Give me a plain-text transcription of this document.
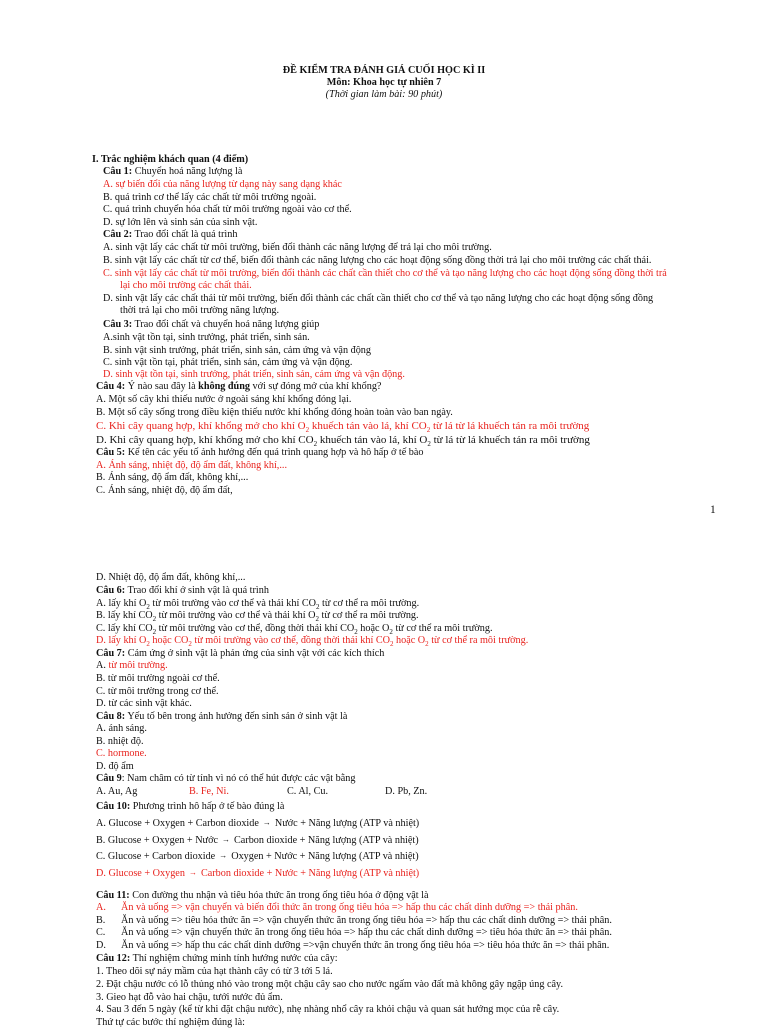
ĐỀ KIỂM TRA ĐÁNH GIÁ CUỐI HỌC KÌ II
Môn: Khoa học tự nhiên 7
(Thời gian làm bài: 90 phút)
I. Trắc nghiệm khách quan (4 điểm)
Câu 1: Chuyển hoá năng lượng là
A. sự biến đổi của năng lượng từ dạng này sang dạng khác
B. quá trình cơ thể lấy các chất từ môi trường ngoài.
C. quá trình chuyển hóa chất từ môi trường ngoài vào cơ thể.
D. sự lớn lên và sinh sản của sinh vật.
Câu 2: Trao đổi chất là quá trình
A. sinh vật lấy các chất từ môi trường, biến đổi thành các năng lượng để trả lại cho môi trường.
B. sinh vật lấy các chất từ cơ thể, biến đổi thành các năng lượng cho các hoạt động sống đồng thời trả lại cho môi trường các chất thải.
C. sinh vật lấy các chất từ môi trường, biến đổi thành các chất cần thiết cho cơ thể và tạo năng lượng cho các hoạt động sống đồng thời trả
lại cho môi trường các chất thải.
D. sinh vật lấy các chất thải từ môi trường, biến đổi thành các chất cần thiết cho cơ thể và tạo năng lượng cho các hoạt động sống đồng
thời trả lại cho môi trường năng lượng.
Câu 3: Trao đổi chất và chuyển hoá năng lượng giúp
A.sinh vật tồn tại, sinh trưởng, phát triển, sinh sản.
B. sinh vật sinh trưởng, phát triển, sinh sản, cảm ứng và vận động
C. sinh vật tồn tại, phát triển, sinh sản, cảm ứng và vận động.
D. sinh vật tồn tại, sinh trưởng, phát triển, sinh sản, cảm ứng và vận động.
Câu 4: Ý nào sau đây là không đúng với sự đóng mở của khí khổng?
A. Một số cây khi thiếu nước ở ngoài sáng khí khổng đóng lại.
B. Một số cây sống trong điều kiện thiếu nước khí khổng đóng hoàn toàn vào ban ngày.
C. Khi cây quang hợp, khí khổng mở cho khí $O_2$ khuếch tán vào lá, khí $CO_2$ từ lá từ lá khuếch tán ra môi trường
D. Khi cây quang hợp, khí khổng mở cho khí $CO_2$ khuếch tán vào lá, khí $O_2$ từ lá từ lá khuếch tán ra môi trường
Câu 5: Kể tên các yếu tố ảnh hưởng đến quá trình quang hợp và hô hấp ở tế bào
A. Ánh sáng, nhiệt độ, độ ẩm đất, không khí,...
B. Ánh sáng, độ ẩm đất, không khí,...
C. Ánh sáng, nhiệt độ, độ ẩm đất,
1
D. Nhiệt độ, độ ẩm đất, không khí,...
Câu 6: Trao đổi khí ở sinh vật là quá trình
A. lấy khí $O_2$ từ môi trường vào cơ thể và thải khí $CO_2$ từ cơ thể ra môi trường.
B. lấy khí $CO_2$ từ môi trường vào cơ thể và thải khí $O_2$ từ cơ thể ra môi trường.
C. lấy khí $CO_2$ từ môi trường vào cơ thể, đồng thời thải khí $CO_2$ hoặc $O_2$ từ cơ thể ra môi trường.
D. lấy khí $O_2$ hoặc $CO_2$ từ môi trường vào cơ thể, đồng thời thải khí $CO_2$ hoặc $O_2$ từ cơ thể ra môi trường.
Câu 7: Cảm ứng ở sinh vật là phản ứng của sinh vật với các kích thích
A. từ môi trường.
B. từ môi trường ngoài cơ thể.
C. từ môi trường trong cơ thể.
D. từ các sinh vật khác.
Câu 8: Yếu tố bên trong ảnh hưởng đến sinh sản ở sinh vật là
A. ánh sáng.
B. nhiệt độ.
C. hormone.
D. độ ẩm
Câu 9: Nam châm có từ tính vì nó có thể hút được các vật bằng
A. Au, Ag	B. Fe, Ni.	C. Al, Cu.	D. Pb, Zn.
Câu 10: Phương trình hô hấp ở tế bào đúng là
A. Glucose + Oxygen + Carbon dioxide → Nước + Năng lượng (ATP và nhiệt)
B. Glucose + Oxygen + Nước → Carbon dioxide + Năng lượng (ATP và nhiệt)
C. Glucose + Carbon dioxide → Oxygen + Nước + Năng lượng (ATP và nhiệt)
D. Glucose + Oxygen → Carbon dioxide + Nước + Năng lượng (ATP và nhiệt)
Câu 11: Con đường thu nhận và tiêu hóa thức ăn trong ống tiêu hóa ở động vật là
A. Ăn và uống => vận chuyển và biến đổi thức ăn trong ống tiêu hóa => hấp thu các chất dinh dưỡng => thải phân.
B. Ăn và uống => tiêu hóa thức ăn => vận chuyển thức ăn trong ống tiêu hóa => hấp thu các chất dinh dưỡng => thải phân.
C. Ăn và uống => vận chuyển thức ăn trong ống tiêu hóa => hấp thu các chất dinh dưỡng => tiêu hóa thức ăn => thải phân.
D. Ăn và uống => hấp thu các chất dinh dưỡng =>vận chuyển thức ăn trong ống tiêu hóa => tiêu hóa thức ăn => thải phân.
Câu 12: Thí nghiệm chứng minh tính hướng nước của cây:
1. Theo dõi sự nảy mầm của hạt thành cây có từ 3 tới 5 lá.
2. Đặt chậu nước có lỗ thủng nhỏ vào trong một chậu cây sao cho nước ngấm vào đất mà không gây ngập úng cây.
3. Gieo hạt đỗ vào hai chậu, tưới nước đủ ẩm.
4. Sau 3 đến 5 ngày (kể từ khi đặt chậu nước), nhẹ nhàng nhổ cây ra khỏi chậu và quan sát hướng mọc của rễ cây.
Thứ tự các bước thí nghiệm đúng là:
